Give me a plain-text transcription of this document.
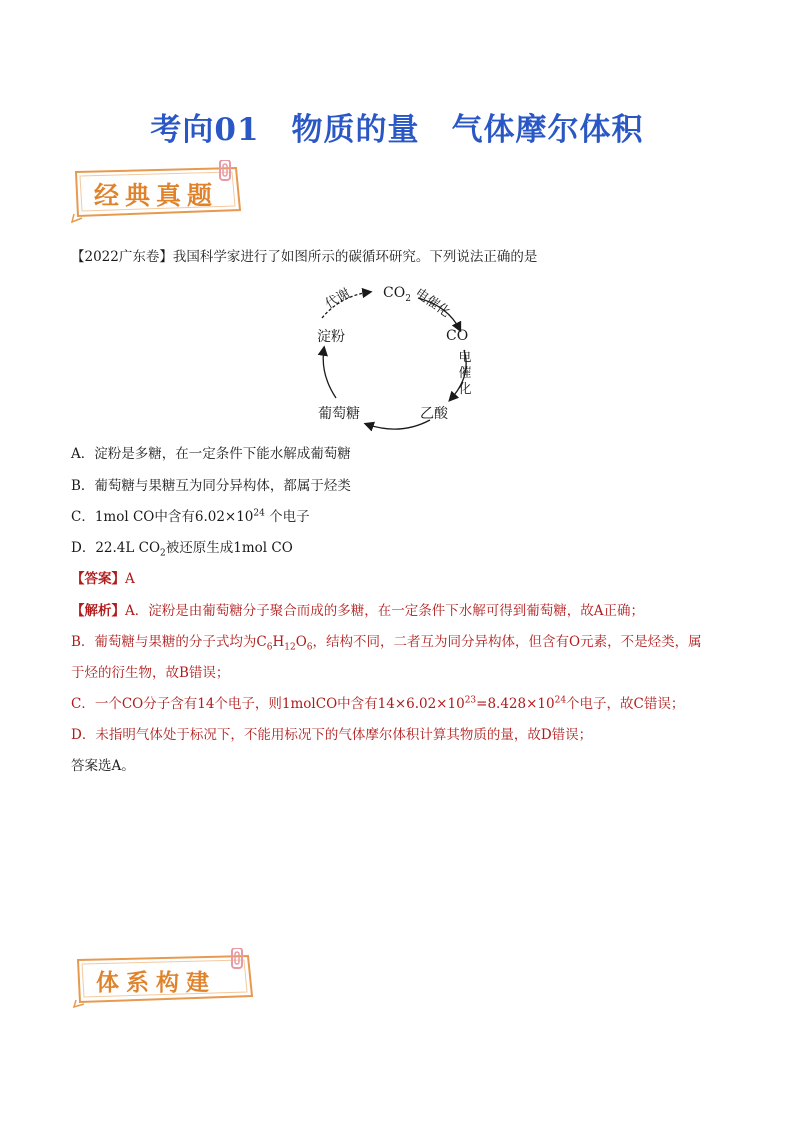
考向01　物质的量　气体摩尔体积
经典真题
【2022广东卷】我国科学家进行了如图所示的碳循环研究。下列说法正确的是
$CO_2$
CO
淀粉
葡萄糖	乙酸
代谢	电催化
电
催
化
A．淀粉是多糖，在一定条件下能水解成葡萄糖
B．葡萄糖与果糖互为同分异构体，都属于烃类
C．1mol CO中含有$6.02\times 10^{24}$ 个电子
D．22.4L $CO_2$被还原生成1mol CO
【答案】A
【解析】A．淀粉是由葡萄糖分子聚合而成的多糖，在一定条件下水解可得到葡萄糖，故A正确；
B．葡萄糖与果糖的分子式均为$C_6H_{12}O_6$，结构不同，二者互为同分异构体，但含有O元素，不是烃类，属
于烃的衍生物，故B错误；
C．一个CO分子含有14个电子，则1molCO中含有$14\times 6.02\times 10^{23}=8.428\times 10^{24}$个电子，故C错误；
D．未指明气体处于标况下，不能用标况下的气体摩尔体积计算其物质的量，故D错误；
答案选A。
体系构建
